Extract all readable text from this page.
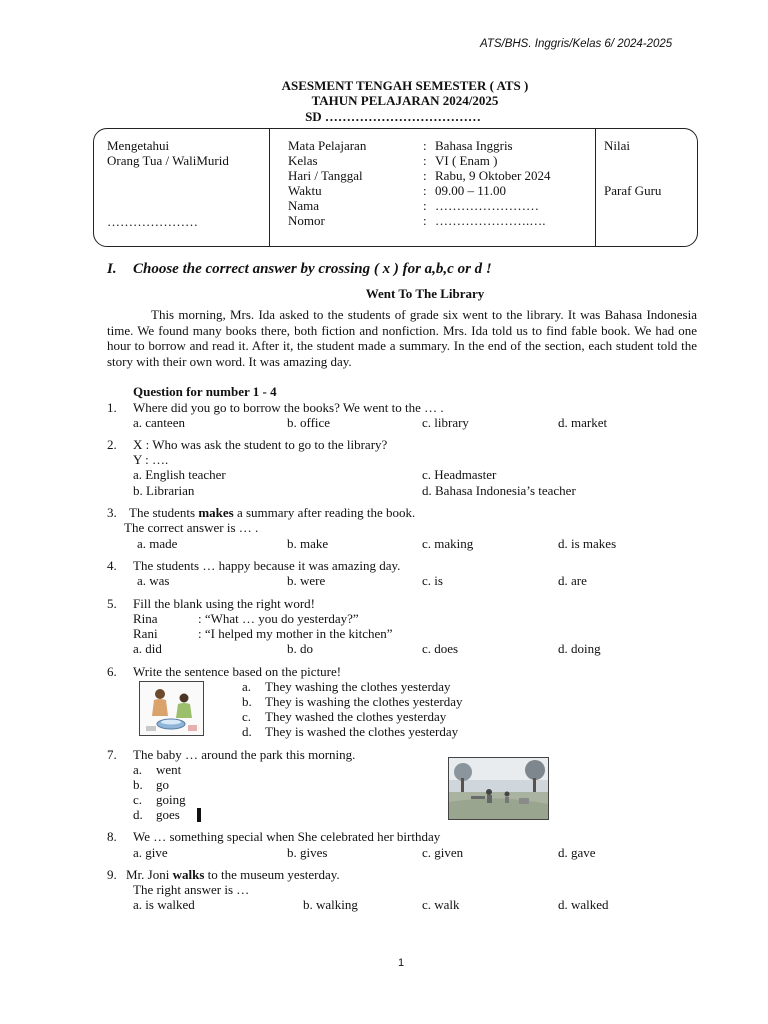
ATS/BHS. Inggris/Kelas 6/ 2024-2025
ASESMENT TENGAH SEMESTER ( ATS )
TAHUN PELAJARAN 2024/2025
SD ………………………………
Mengetahui
Orang Tua / WaliMurid
…………………
Mata Pelajaran	: Bahasa Inggris
Kelas	: VI ( Enam )
Hari / Tanggal	: Rabu, 9 Oktober 2024
Waktu	: 09.00 – 11.00
Nama	: ……………………
Nomor	: ………………….….
Nilai
Paraf Guru
I. Choose the correct answer by crossing ( x ) for a,b,c or d !
Went To The Library

This morning, Mrs. Ida asked to the students of grade six went to the library. It was Bahasa Indonesia time. We found many books there, both fiction and nonfiction. Mrs. Ida told us to find fable book. We had one hour to borrow and read it. After it, the student made a summary. In the end of the section, each student told the story with their own word. It was amazing day.

Question for number 1 - 4
1. Where did you go to borrow the books? We went to the … .
a. canteen	b. office	c. library	d. market
2. X : Who was ask the student to go to the library?
Y : ….
a. English teacher
b. Librarian
c. Headmaster
d. Bahasa Indonesia’s teacher
3. The students makes a summary after reading the book.
The correct answer is … .
a. made	b. make	c. making	d. is makes
4. The students … happy because it was amazing day.
a. was	b. were	c. is	d. are
5. Fill the blank using the right word!
Rina	: “What … you do yesterday?”
Rani	: “I helped my mother in the kitchen”
a. did	b. do	c. does	d. doing
6. Write the sentence based on the picture!
a. They washing the clothes yesterday
b. They is washing the clothes yesterday
c. They washed the clothes yesterday
d. They is washed the clothes yesterday
7. The baby … around the park this morning.
a. went
b. go
c. going
d. goes
8. We … something special when She celebrated her birthday
a. give	b. gives	c. given	d. gave
9. Mr. Joni walks to the museum yesterday.
The right answer is …
a. is walked	b. walking	c. walk	d. walked
1
